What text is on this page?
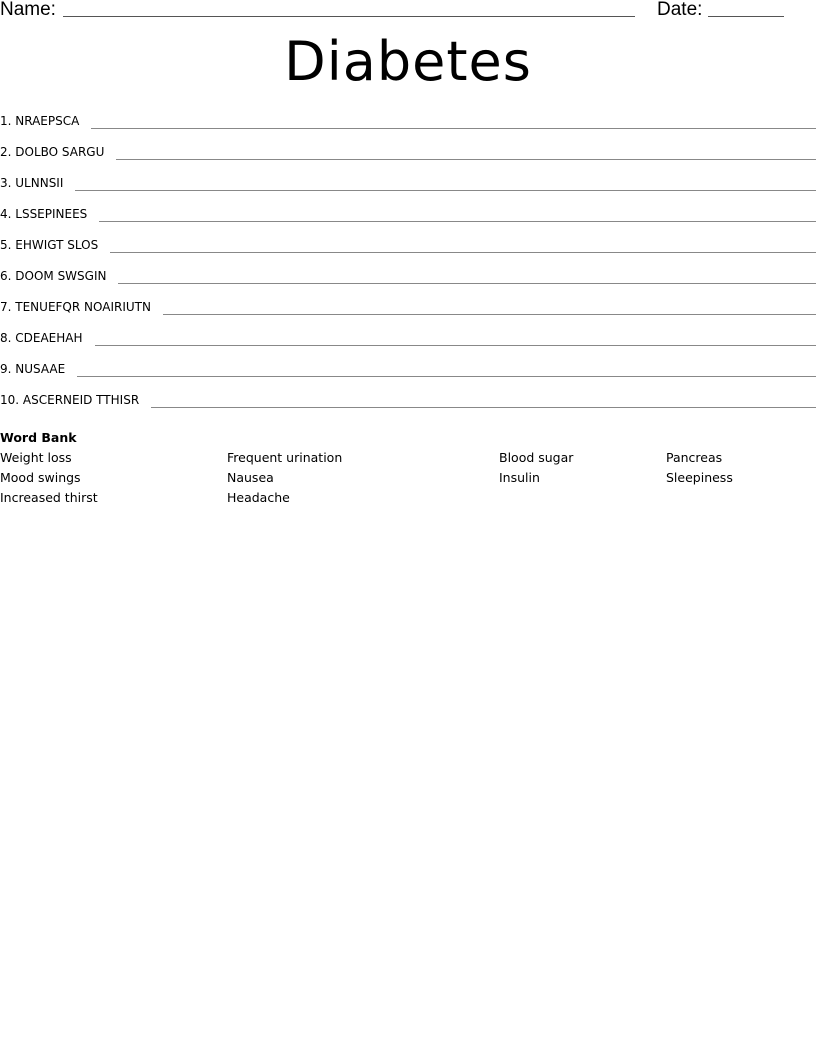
Name:	Date:
Diabetes
1. NRAEPSCA
2. DOLBO SARGU
3. ULNNSII
4. LSSEPINEES
5. EHWIGT SLOS
6. DOOM SWSGIN
7. TENUEFQR NOAIRIUTN
8. CDEAEHAH
9. NUSAAE
10. ASCERNEID TTHISR
Word Bank
Weight loss	Frequent urination	Blood sugar	Pancreas
Mood swings	Nausea	Insulin	Sleepiness
Increased thirst	Headache
